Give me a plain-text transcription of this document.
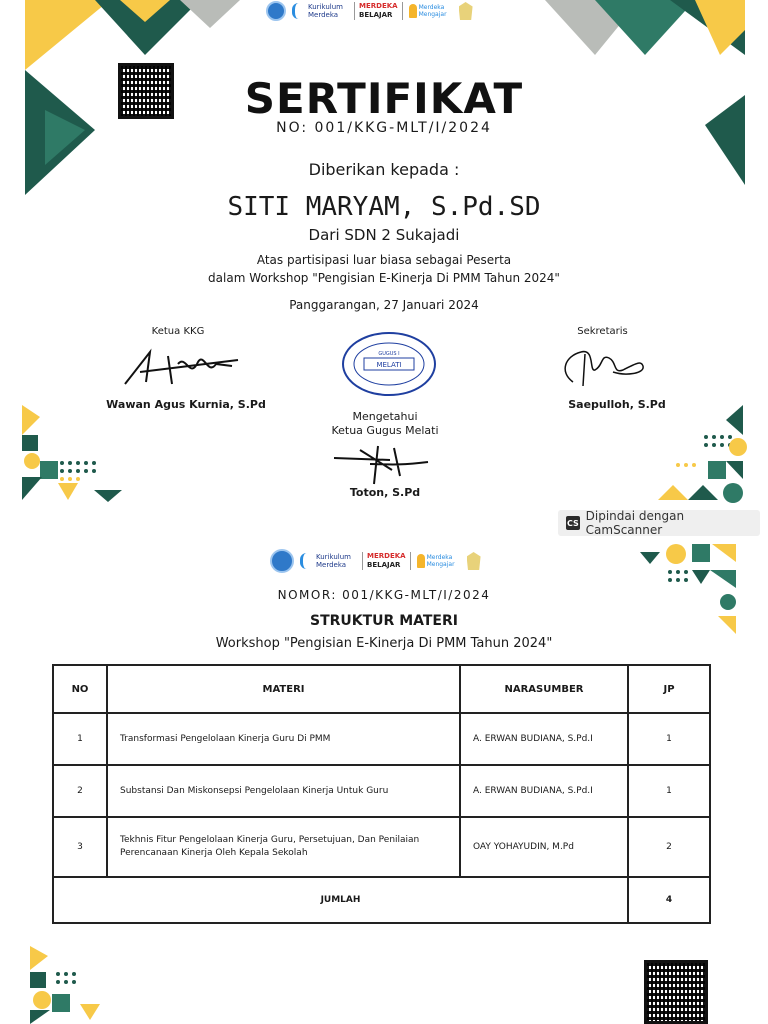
Kurikulum Merdeka
MERDEKA
BELAJAR
Merdeka Mengajar
SERTIFIKAT
NO: 001/KKG-MLT/I/2024
Diberikan kepada :
SITI MARYAM, S.Pd.SD
Dari SDN 2 Sukajadi
Atas partisipasi luar biasa sebagai Peserta
dalam Workshop "Pengisian E-Kinerja Di PMM Tahun 2024"
Panggarangan, 27 Januari 2024
Ketua KKG
Wawan Agus Kurnia, S.Pd
GUGUS I
MELATI
Sekretaris
Saepulloh, S.Pd
Mengetahui
Ketua Gugus Melati
Toton, S.Pd
CS Dipindai dengan CamScanner
Kurikulum Merdeka
MERDEKA
BELAJAR
Merdeka Mengajar
NOMOR: 001/KKG-MLT/I/2024
STRUKTUR MATERI
Workshop "Pengisian E-Kinerja Di PMM Tahun 2024"
NO	MATERI	NARASUMBER	JP
1	Transformasi Pengelolaan Kinerja Guru Di PMM	A. ERWAN BUDIANA, S.Pd.I	1
2	Substansi Dan Miskonsepsi Pengelolaan Kinerja Untuk Guru	A. ERWAN BUDIANA, S.Pd.I	1
3	Tekhnis Fitur Pengelolaan Kinerja Guru, Persetujuan, Dan Penilaian Perencanaan Kinerja Oleh Kepala Sekolah	OAY YOHAYUDIN, M.Pd	2
JUMLAH			4
